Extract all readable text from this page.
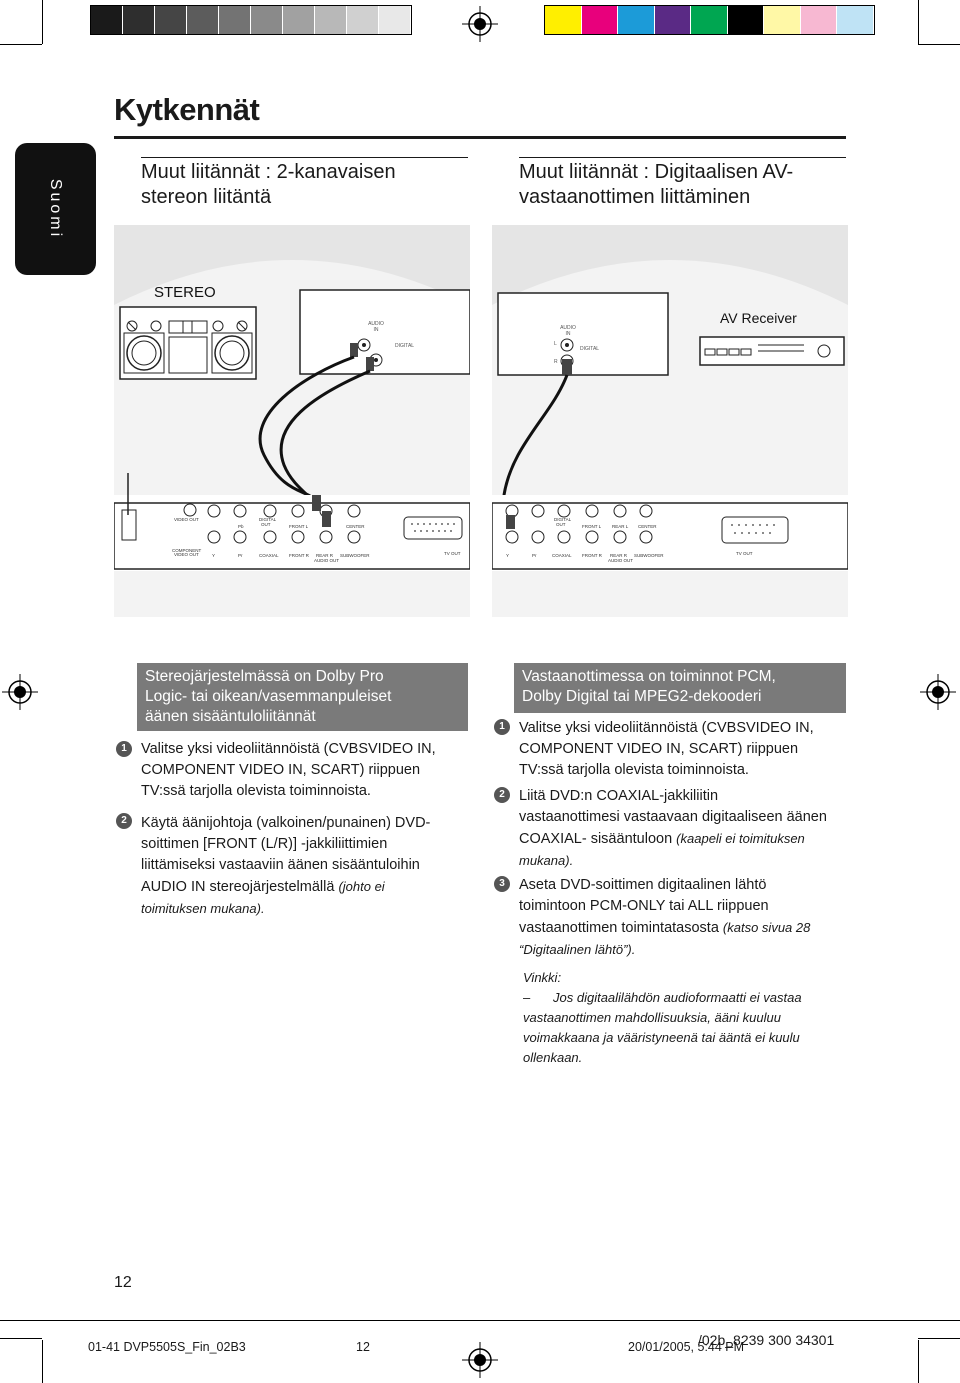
Kytkennät
Suomi
Muut liitännät : 2-kanavaisen
stereon liitäntä
Muut liitännät : Digitaalisen AV-
vastaanottimen liittäminen
STEREO
AUDIO
IN
DIGITAL
VIDEO OUT
COMPONENT
VIDEO OUT
Pb
Y	Pr
DIGITAL
OUT
COAXIAL
FRONT L
FRONT R
CENTER
REAR R SUBWOOFER
AUDIO OUT
TV OUT
AUDIO
IN
DIGITAL
L
R
AV Receiver
DIGITAL
OUT
COAXIAL
Y	Pr
FRONT L REAR L CENTER
FRONT R REAR R SUBWOOFER
AUDIO OUT
TV OUT
Stereojärjestelmässä on Dolby Pro
Logic- tai oikean/vasemmanpuleiset
äänen sisääntuloliitännät
1 Valitse yksi videoliitännöistä (CVBSVIDEO IN,
COMPONENT VIDEO IN, SCART) riippuen
TV:ssä tarjolla olevista toiminnoista.
2 Käytä äänijohtoja (valkoinen/punainen) DVD-
soittimen [FRONT (L/R)] -jakkiliittimien
liittämiseksi vastaaviin äänen sisääntuloihin
AUDIO IN stereojärjestelmällä (johto ei
toimituksen mukana).
Vastaanottimessa on toiminnot PCM,
Dolby Digital tai MPEG2-dekooderi
1 Valitse yksi videoliitännöistä (CVBSVIDEO IN,
COMPONENT VIDEO IN, SCART) riippuen
TV:ssä tarjolla olevista toiminnoista.
2 Liitä DVD:n COAXIAL-jakkiliitin
vastaanottimesi vastaavaan digitaaliseen äänen
COAXIAL- sisääntuloon (kaapeli ei toimituksen
mukana).
3 Aseta DVD-soittimen digitaalinen lähtö
toimintoon PCM-ONLY tai ALL riippuen
vastaanottimen toimintatasosta (katso sivua 28
“Digitaalinen lähtö”).
Vinkki:
– Jos digitaalilähdön audioformaatti ei vastaa
vastaanottimen mahdollisuuksia, ääni kuuluu
voimakkaana ja vääristyneenä tai ääntä ei kuulu
ollenkaan.
12
01-41 DVP5505S_Fin_02B3	12	20/01/2005, 5:44 PM
/02b_8239 300 34301
